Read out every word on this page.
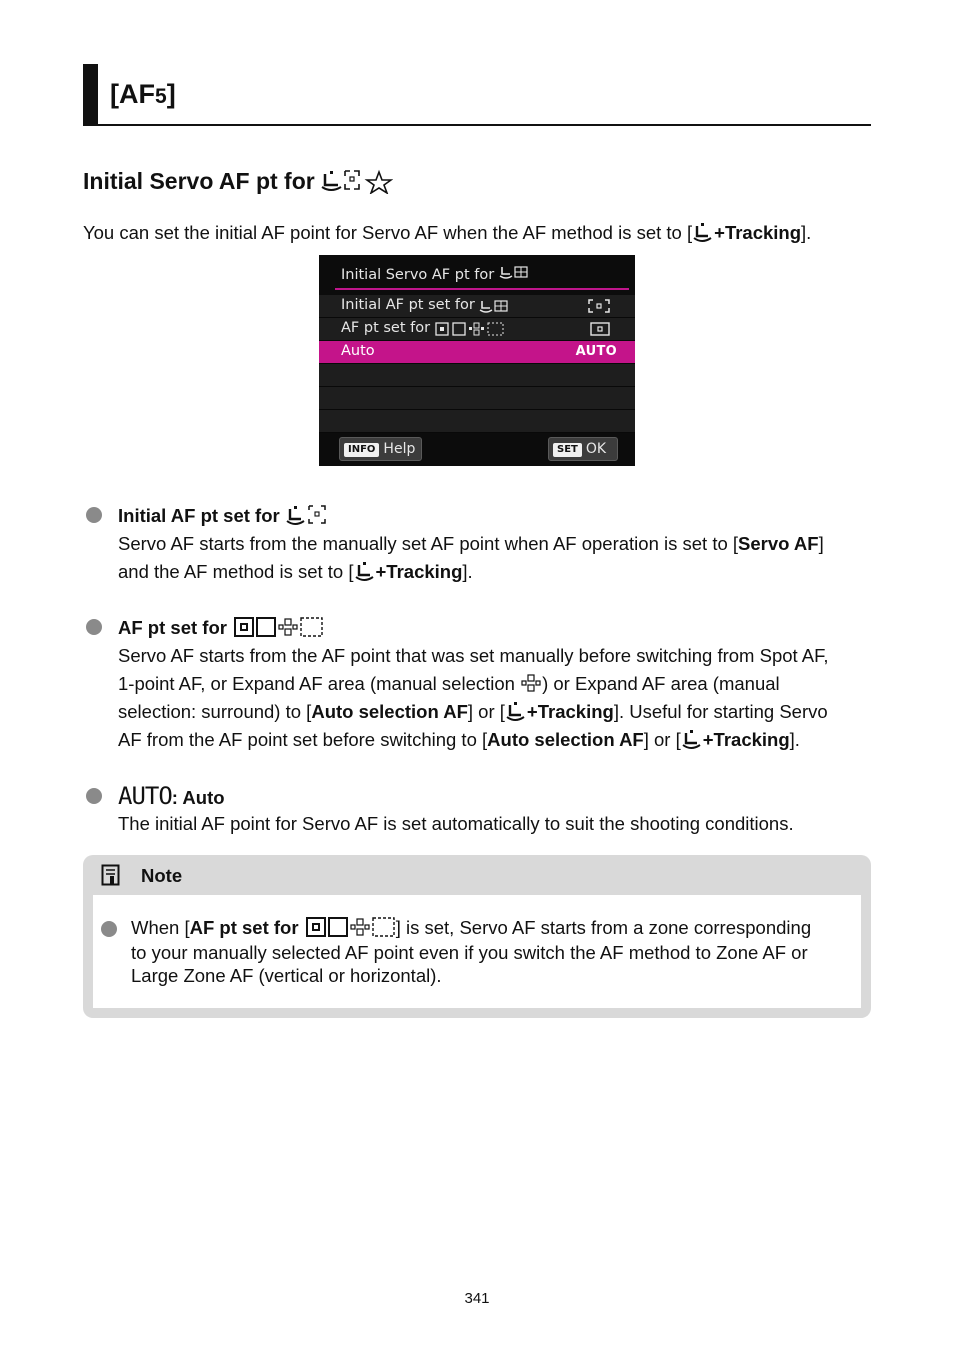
[AF5]
Initial Servo AF pt for
You can set the initial AF point for Servo AF when the AF method is set to [ +Tracking].
Initial Servo AF pt for
Initial AF pt set for
AF pt set for
Auto	AUTO
INFO Help	SET OK
Initial AF pt set for
Servo AF starts from the manually set AF point when AF operation is set to [Servo AF]
and the AF method is set to [ +Tracking].
AF pt set for
Servo AF starts from the AF point that was set manually before switching from Spot AF,
1-point AF, or Expand AF area (manual selection ) or Expand AF area (manual
selection: surround) to [Auto selection AF] or [ +Tracking]. Useful for starting Servo
AF from the AF point set before switching to [Auto selection AF] or [ +Tracking].
AUTO: Auto
The initial AF point for Servo AF is set automatically to suit the shooting conditions.
Note
When [AF pt set for	] is set, Servo AF starts from a zone corresponding
to your manually selected AF point even if you switch the AF method to Zone AF or
Large Zone AF (vertical or horizontal).
341
